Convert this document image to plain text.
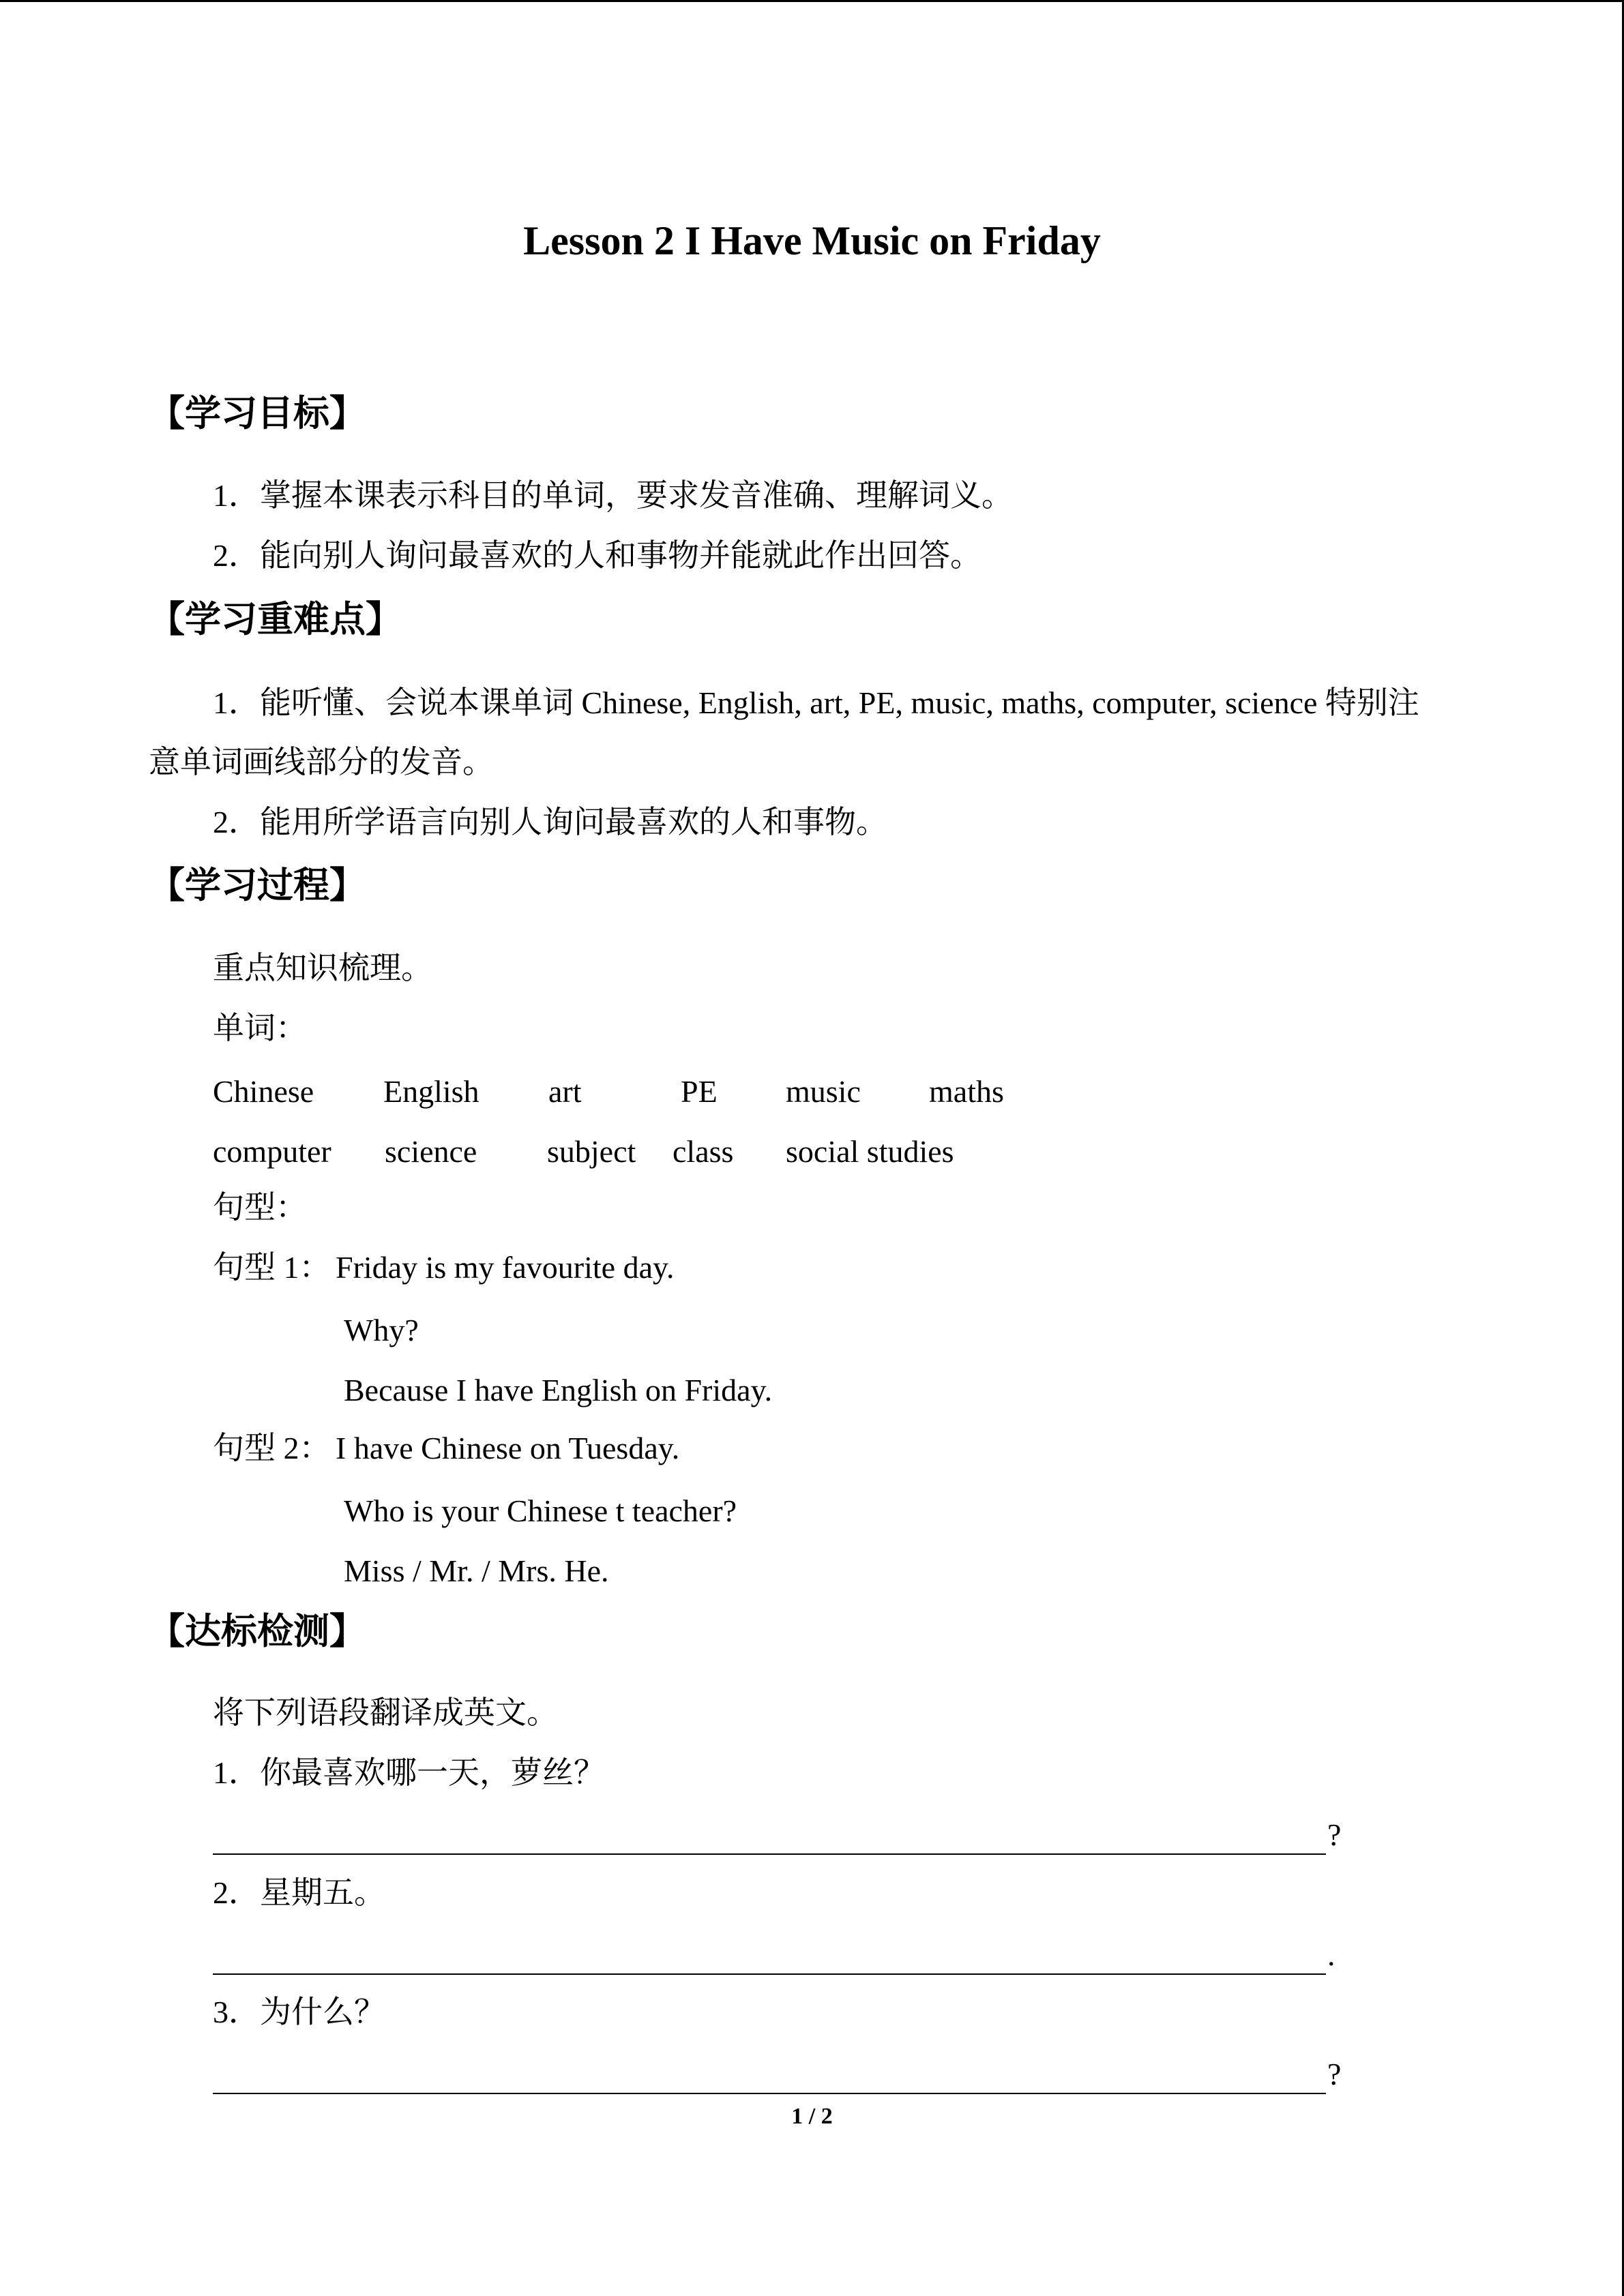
Lesson 2 I Have Music on Friday
【学习目标】
1．掌握本课表示科目的单词，要求发音准确、理解词义。
2．能向别人询问最喜欢的人和事物并能就此作出回答。
【学习重难点】
1．能听懂、会说本课单词 Chinese, English, art, PE, music, maths, computer, science 特别注
意单词画线部分的发音。
2．能用所学语言向别人询问最喜欢的人和事物。
【学习过程】
重点知识梳理。
单词：
Chinese English art	PE music maths
computer science subject class social studies
句型：
句型 1： Friday is my favourite day.
Why?
Because I have English on Friday.
句型 2： I have Chinese on Tuesday.
Who is your Chinese t teacher?
Miss / Mr. / Mrs. He.
【达标检测】
将下列语段翻译成英文。
1．你最喜欢哪一天，萝丝？
?
2．星期五。
.
3．为什么？
?
1 / 2
